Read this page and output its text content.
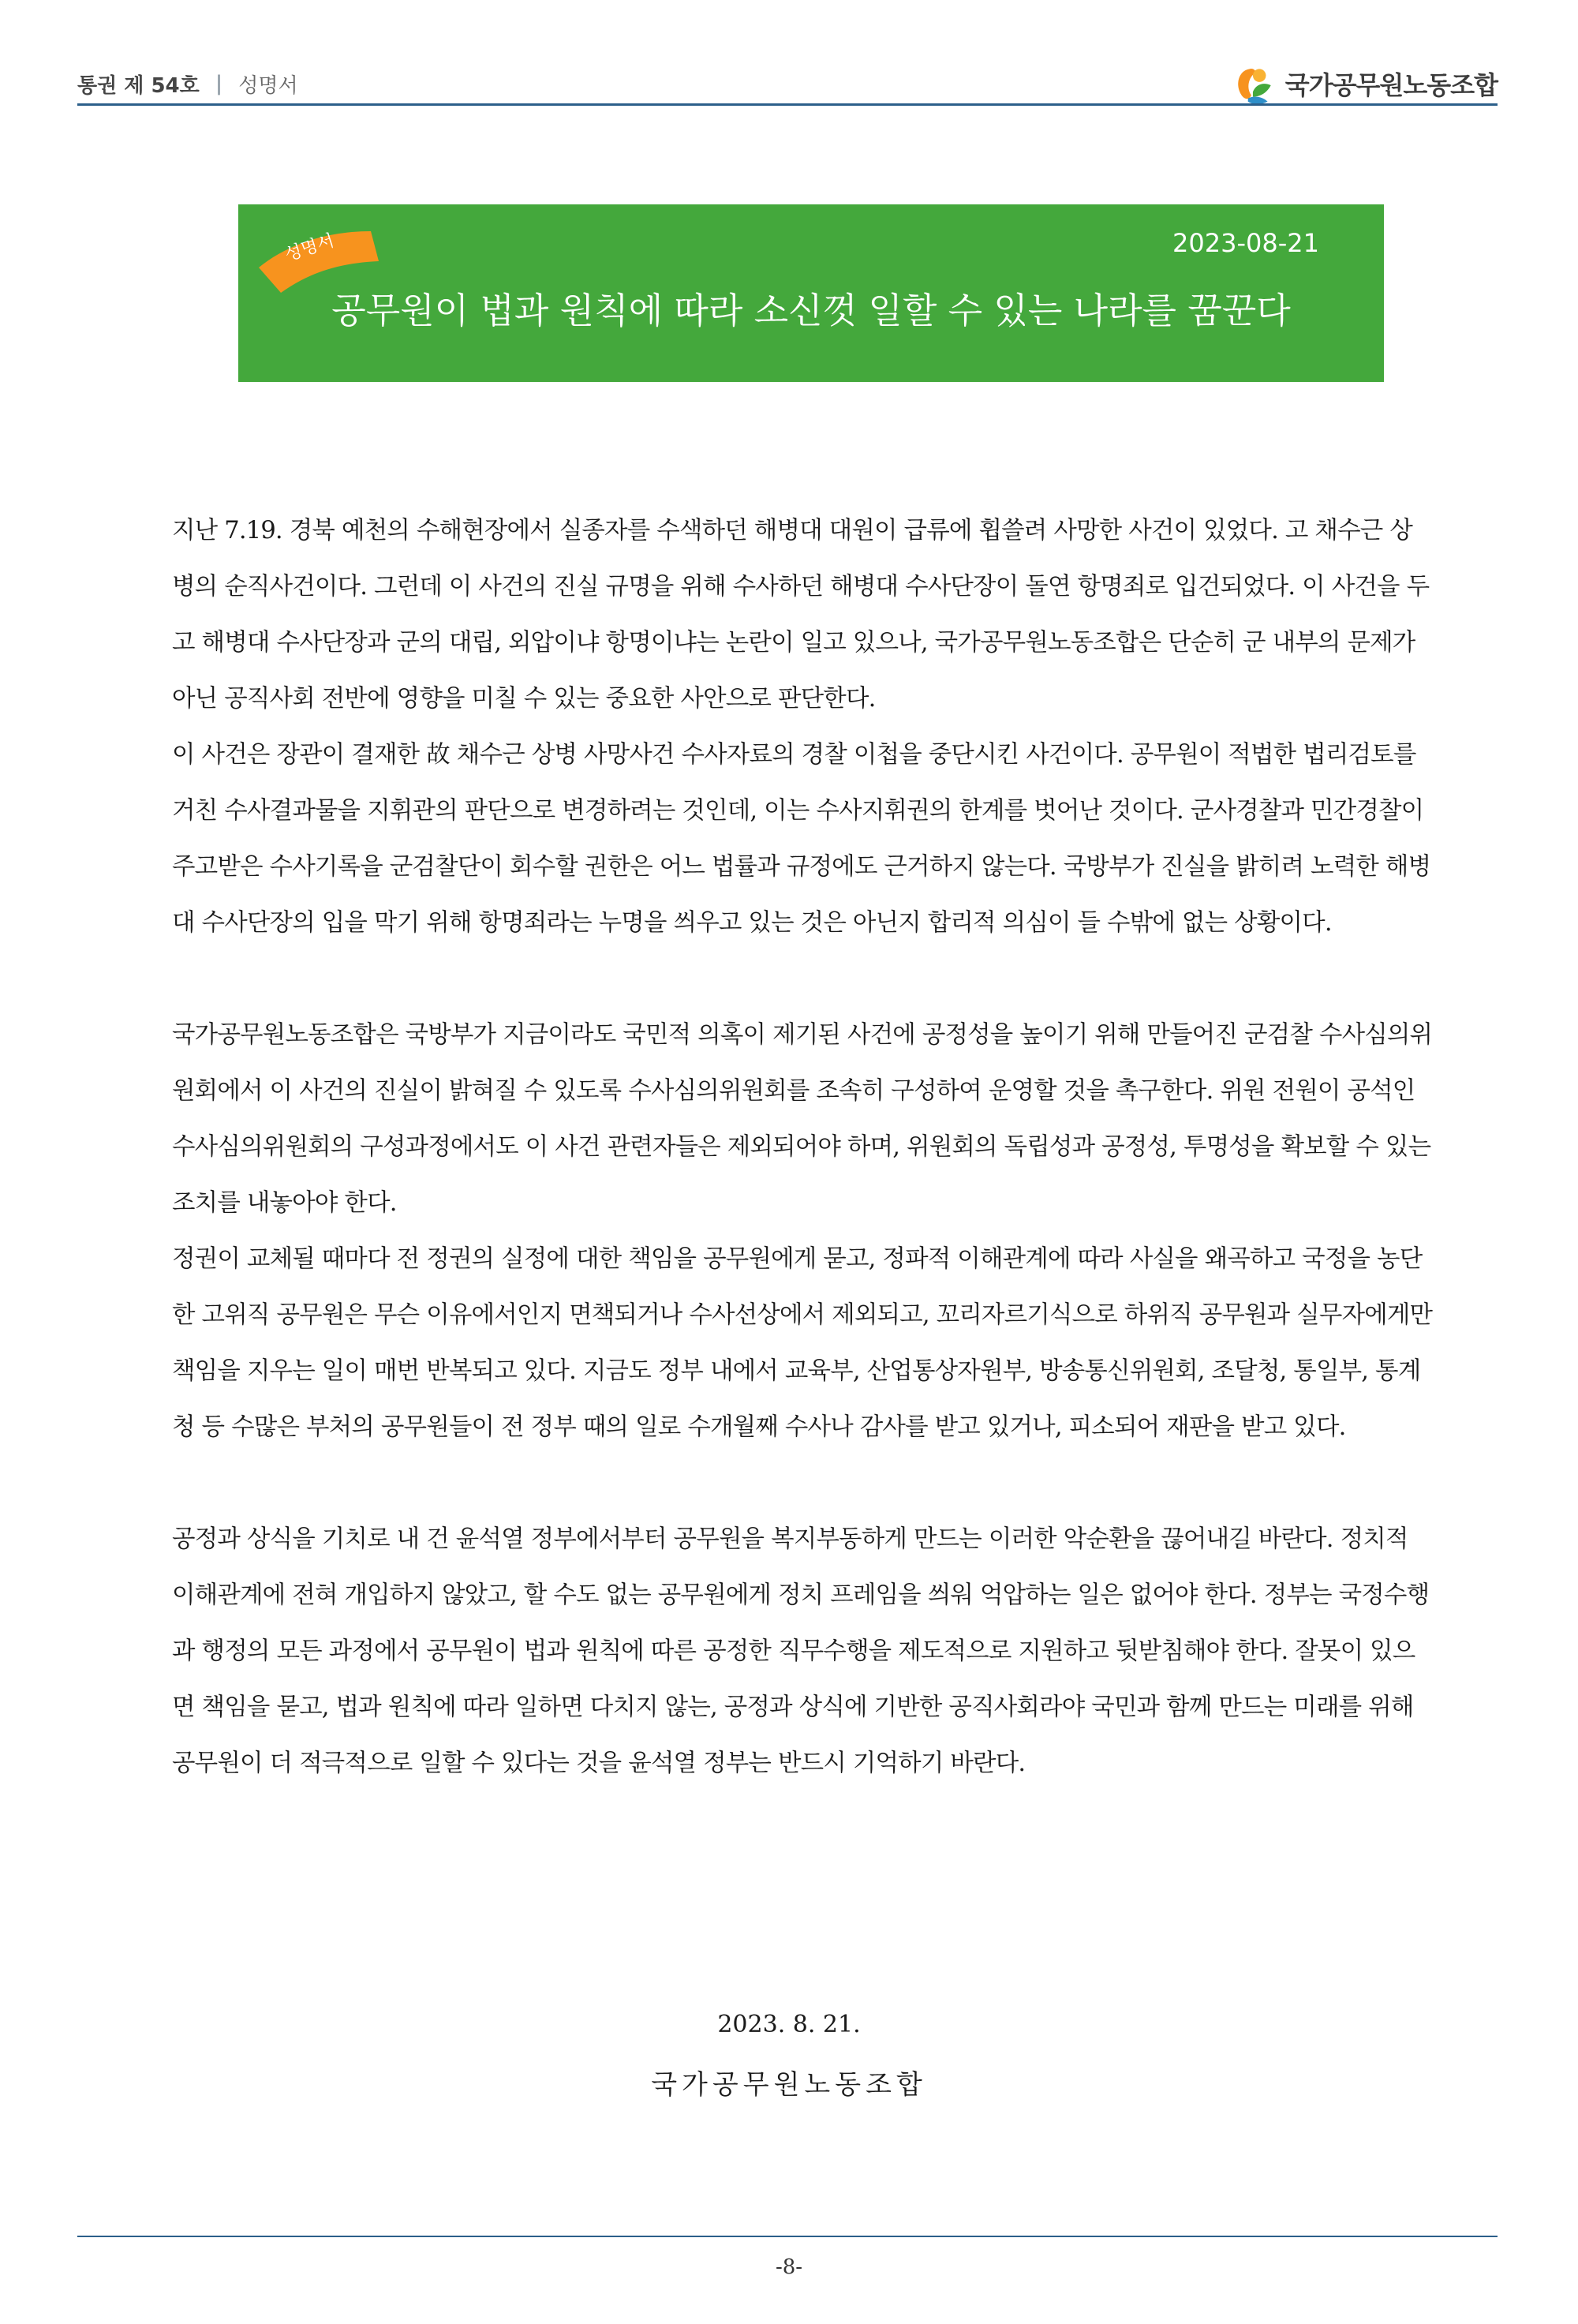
통권 제 54호 | 성명서	국가공무원노동조합
성명서	2023-08-21
공무원이 법과 원칙에 따라 소신껏 일할 수 있는 나라를 꿈꾼다

지난 7.19. 경북 예천의 수해현장에서 실종자를 수색하던 해병대 대원이 급류에 휩쓸려 사망한 사건이 있었다. 고 채수근 상병의 순직사건이다. 그런데 이 사건의 진실 규명을 위해 수사하던 해병대 수사단장이 돌연 항명죄로 입건되었다. 이 사건을 두고 해병대 수사단장과 군의 대립, 외압이냐 항명이냐는 논란이 일고 있으나, 국가공무원노동조합은 단순히 군 내부의 문제가 아닌 공직사회 전반에 영향을 미칠 수 있는 중요한 사안으로 판단한다.

이 사건은 장관이 결재한 故 채수근 상병 사망사건 수사자료의 경찰 이첩을 중단시킨 사건이다. 공무원이 적법한 법리검토를 거친 수사결과물을 지휘관의 판단으로 변경하려는 것인데, 이는 수사지휘권의 한계를 벗어난 것이다. 군사경찰과 민간경찰이 주고받은 수사기록을 군검찰단이 회수할 권한은 어느 법률과 규정에도 근거하지 않는다. 국방부가 진실을 밝히려 노력한 해병대 수사단장의 입을 막기 위해 항명죄라는 누명을 씌우고 있는 것은 아닌지 합리적 의심이 들 수밖에 없는 상황이다.

국가공무원노동조합은 국방부가 지금이라도 국민적 의혹이 제기된 사건에 공정성을 높이기 위해 만들어진 군검찰 수사심의위원회에서 이 사건의 진실이 밝혀질 수 있도록 수사심의위원회를 조속히 구성하여 운영할 것을 촉구한다. 위원 전원이 공석인 수사심의위원회의 구성과정에서도 이 사건 관련자들은 제외되어야 하며, 위원회의 독립성과 공정성, 투명성을 확보할 수 있는 조치를 내놓아야 한다.

정권이 교체될 때마다 전 정권의 실정에 대한 책임을 공무원에게 묻고, 정파적 이해관계에 따라 사실을 왜곡하고 국정을 농단한 고위직 공무원은 무슨 이유에서인지 면책되거나 수사선상에서 제외되고, 꼬리자르기식으로 하위직 공무원과 실무자에게만 책임을 지우는 일이 매번 반복되고 있다. 지금도 정부 내에서 교육부, 산업통상자원부, 방송통신위원회, 조달청, 통일부, 통계청 등 수많은 부처의 공무원들이 전 정부 때의 일로 수개월째 수사나 감사를 받고 있거나, 피소되어 재판을 받고 있다.

공정과 상식을 기치로 내 건 윤석열 정부에서부터 공무원을 복지부동하게 만드는 이러한 악순환을 끊어내길 바란다. 정치적 이해관계에 전혀 개입하지 않았고, 할 수도 없는 공무원에게 정치 프레임을 씌워 억압하는 일은 없어야 한다. 정부는 국정수행과 행정의 모든 과정에서 공무원이 법과 원칙에 따른 공정한 직무수행을 제도적으로 지원하고 뒷받침해야 한다. 잘못이 있으면 책임을 묻고, 법과 원칙에 따라 일하면 다치지 않는, 공정과 상식에 기반한 공직사회라야 국민과 함께 만드는 미래를 위해 공무원이 더 적극적으로 일할 수 있다는 것을 윤석열 정부는 반드시 기억하기 바란다.

2023. 8. 21.
국가공무원노동조합
-8-
